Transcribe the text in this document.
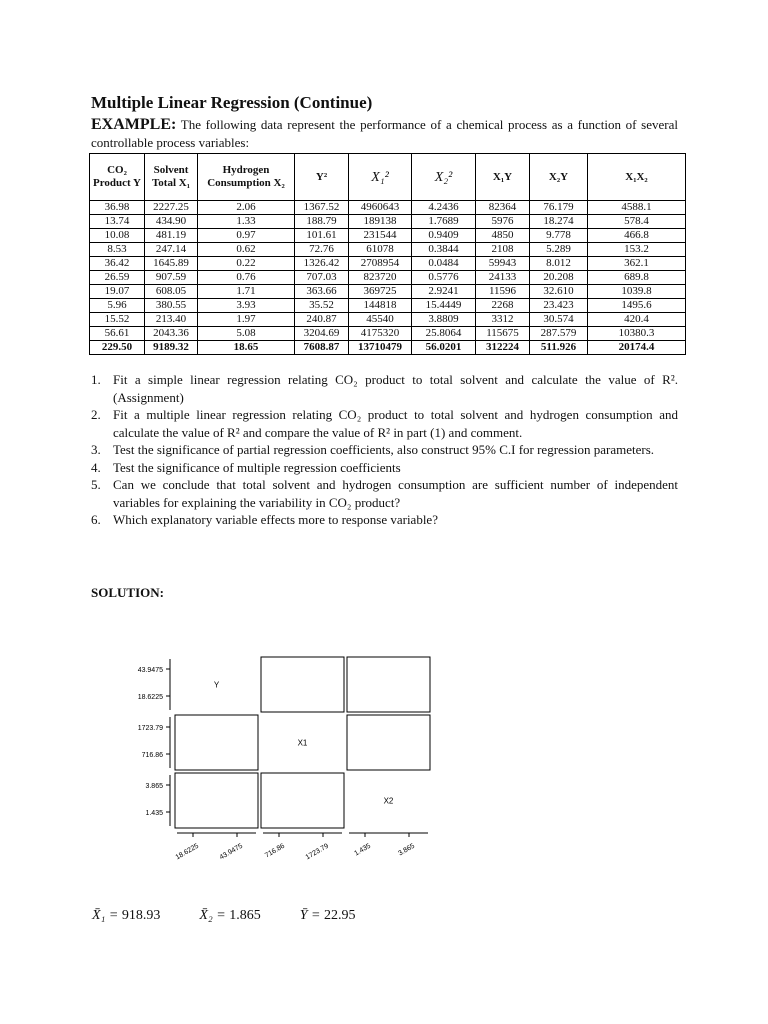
Multiple Linear Regression (Continue)
EXAMPLE: The following data represent the performance of a chemical process as a function of several controllable process variables:
CO₂ Product Y	Solvent Total X₁	Hydrogen Consumption X₂	Y²	X₁²	X₂²	X₁Y	X₂Y	X₁X₂
36.98	2227.25	2.06	1367.52	4960643	4.2436	82364	76.179	4588.1
13.74	434.90	1.33	188.79	189138	1.7689	5976	18.274	578.4
10.08	481.19	0.97	101.61	231544	0.9409	4850	9.778	466.8
8.53	247.14	0.62	72.76	61078	0.3844	2108	5.289	153.2
36.42	1645.89	0.22	1326.42	2708954	0.0484	59943	8.012	362.1
26.59	907.59	0.76	707.03	823720	0.5776	24133	20.208	689.8
19.07	608.05	1.71	363.66	369725	2.9241	11596	32.610	1039.8
5.96	380.55	3.93	35.52	144818	15.4449	2268	23.423	1495.6
15.52	213.40	1.97	240.87	45540	3.8809	3312	30.574	420.4
56.61	2043.36	5.08	3204.69	4175320	25.8064	115675	287.579	10380.3
229.50	9189.32	18.65	7608.87	13710479	56.0201	312224	511.926	20174.4
1. Fit a simple linear regression relating CO₂ product to total solvent and calculate the value of R². (Assignment)
2. Fit a multiple linear regression relating CO₂ product to total solvent and hydrogen consumption and calculate the value of R² and compare the value of R² in part (1) and comment.
3. Test the significance of partial regression coefficients, also construct 95% C.I for regression parameters.
4. Test the significance of multiple regression coefficients
5. Can we conclude that total solvent and hydrogen consumption are sufficient number of independent variables for explaining the variability in CO₂ product?
6. Which explanatory variable effects more to response variable?
SOLUTION:
Y
X1
X2
43.9475
18.6225
1723.79
716.86
3.865
1.435
18.6225	43.9475	716.86	1723.79	1.435	3.865
X̄₁ = 918.93	X̄₂ = 1.865	Ȳ = 22.95
